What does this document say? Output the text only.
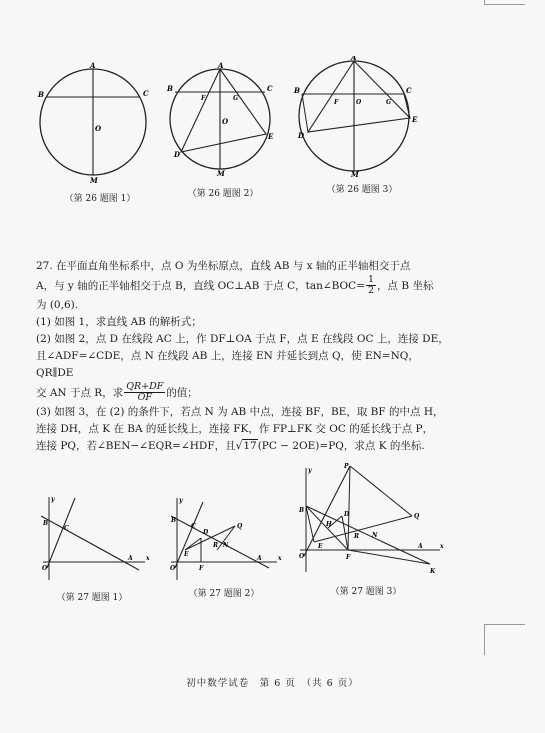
A
B	C
O
M
A
B	C
F	G
O
D
E
M
A
B	C
F	O	G
D
E
M
（第 26 题图 1）	（第 26 题图 2）	（第 26 题图 3）

27. 在平面直角坐标系中，点 O 为坐标原点，直线 AB 与 x 轴的正半轴相交于点

A，与 y 轴的正半轴相交于点 B，直线 OC⊥AB 于点 C，tan∠BOC= $\frac{1}{2}$ ，点 B 坐标

为 (0,6).

(1) 如图 1，求直线 AB 的解析式；

(2) 如图 2，点 D 在线段 AC 上，作 DF⊥OA 于点 F，点 E 在线段 OC 上，连接 DE，

且∠ADF=∠CDE，点 N 在线段 AB 上，连接 EN 并延长到点 Q，使 EN=NQ，QR∥DE

交 AN 于点 R，求 $\frac{QR+DF}{OF}$ 的值；

(3) 如图 3，在 (2) 的条件下，若点 N 为 AB 中点，连接 BF，BE，取 BF 的中点 H，

连接 DH，点 K 在 BA 的延长线上，连接 FK，作 FP⊥FK 交 OC 的延长线于点 P，

连接 PQ，若∠BEN−∠EQR=∠HDF，且√17(PC − 2OE)=PQ，求点 K 的坐标.

y
B
C
O
A x
y
B
C
D
Q
E
R N
O	F
A	x
P
y
B
D
H
Q
R
E
N
O	F
A	x
K
（第 27 题图 1）	（第 27 题图 2）	（第 27 题图 3）
初中数学试卷　第 6 页　（共 6 页）
